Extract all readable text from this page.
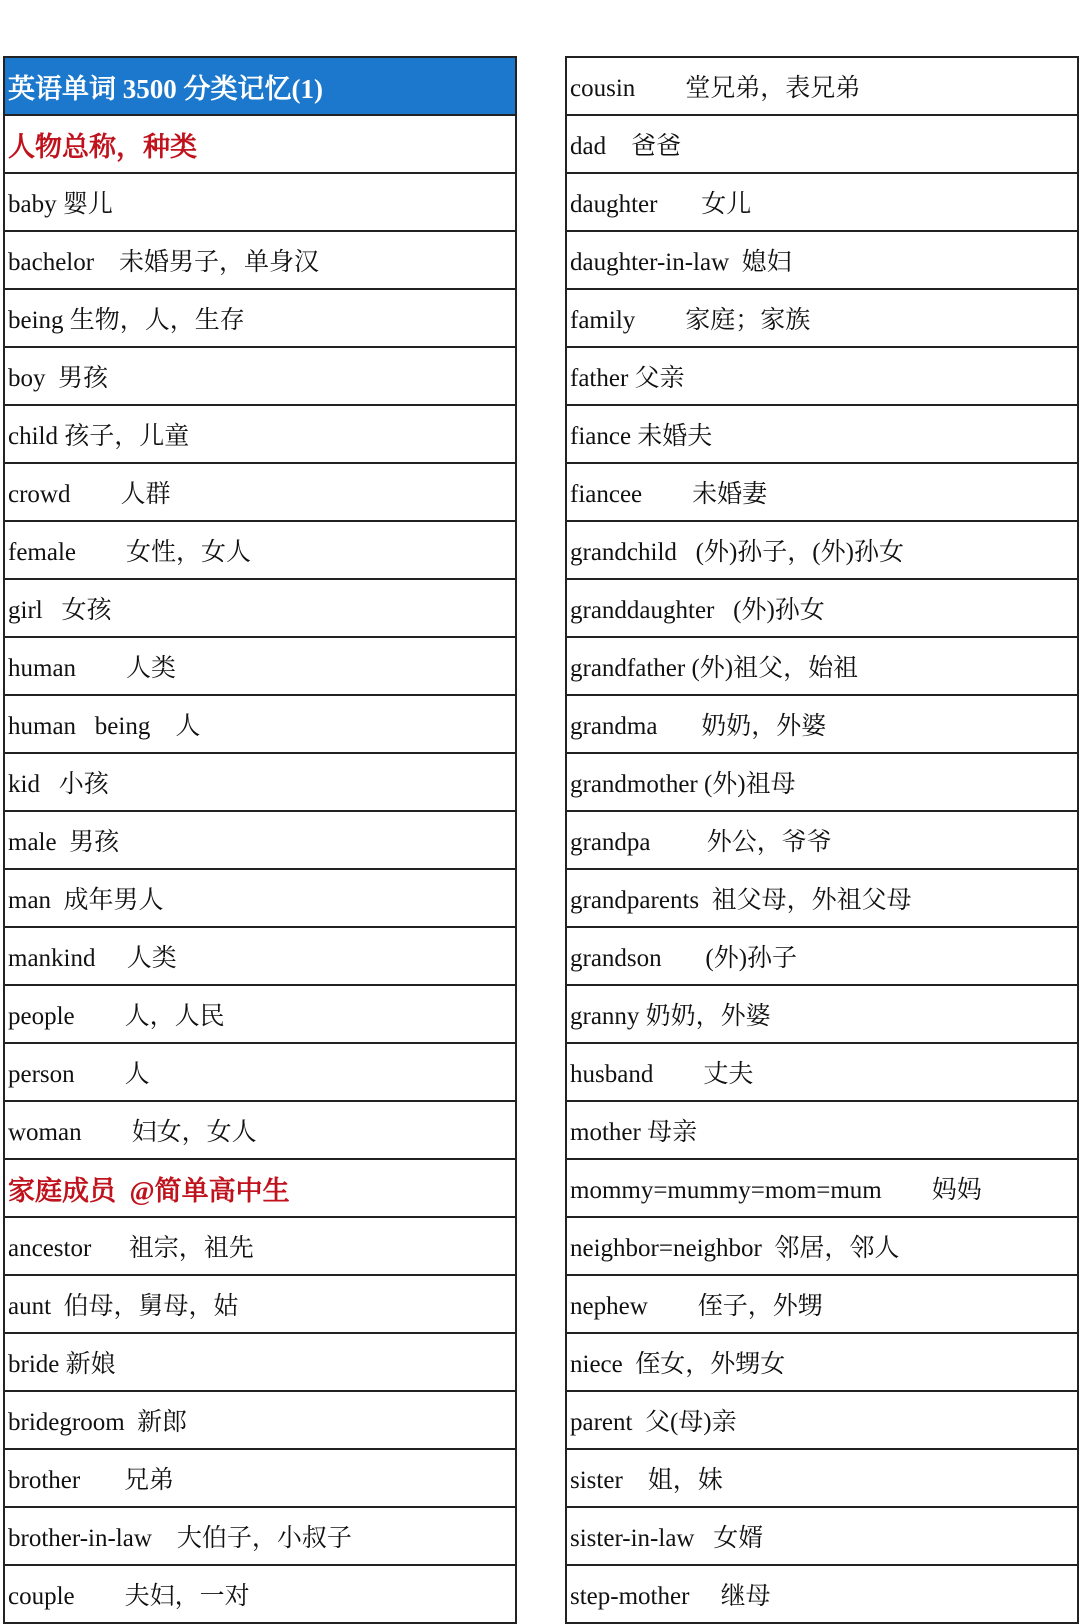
英语单词 3500 分类记忆(1)
人物总称，种类
baby 婴儿
bachelor    未婚男子，单身汉
being 生物，人，生存
boy  男孩
child 孩子，儿童
crowd        人群
female        女性，女人
girl   女孩
human        人类
human   being    人
kid   小孩
male  男孩
man  成年男人
mankind     人类
people        人，人民
person        人
woman        妇女，女人
家庭成员  @简单高中生
ancestor      祖宗，祖先
aunt  伯母，舅母，姑
bride 新娘
bridegroom  新郎
brother       兄弟
brother-in-law    大伯子，小叔子
couple        夫妇，一对
cousin        堂兄弟，表兄弟
dad    爸爸
daughter       女儿
daughter-in-law  媳妇
family        家庭；家族
father 父亲
fiance 未婚夫
fiancee        未婚妻
grandchild   (外)孙子，(外)孙女
granddaughter   (外)孙女
grandfather (外)祖父，始祖
grandma       奶奶，外婆
grandmother (外)祖母
grandpa         外公，爷爷
grandparents  祖父母，外祖父母
grandson       (外)孙子
granny 奶奶，外婆
husband        丈夫
mother 母亲
mommy=mummy=mom=mum        妈妈
neighbor=neighbor  邻居，邻人
nephew        侄子，外甥
niece  侄女，外甥女
parent  父(母)亲
sister    姐，妹
sister-in-law   女婿
step-mother     继母
